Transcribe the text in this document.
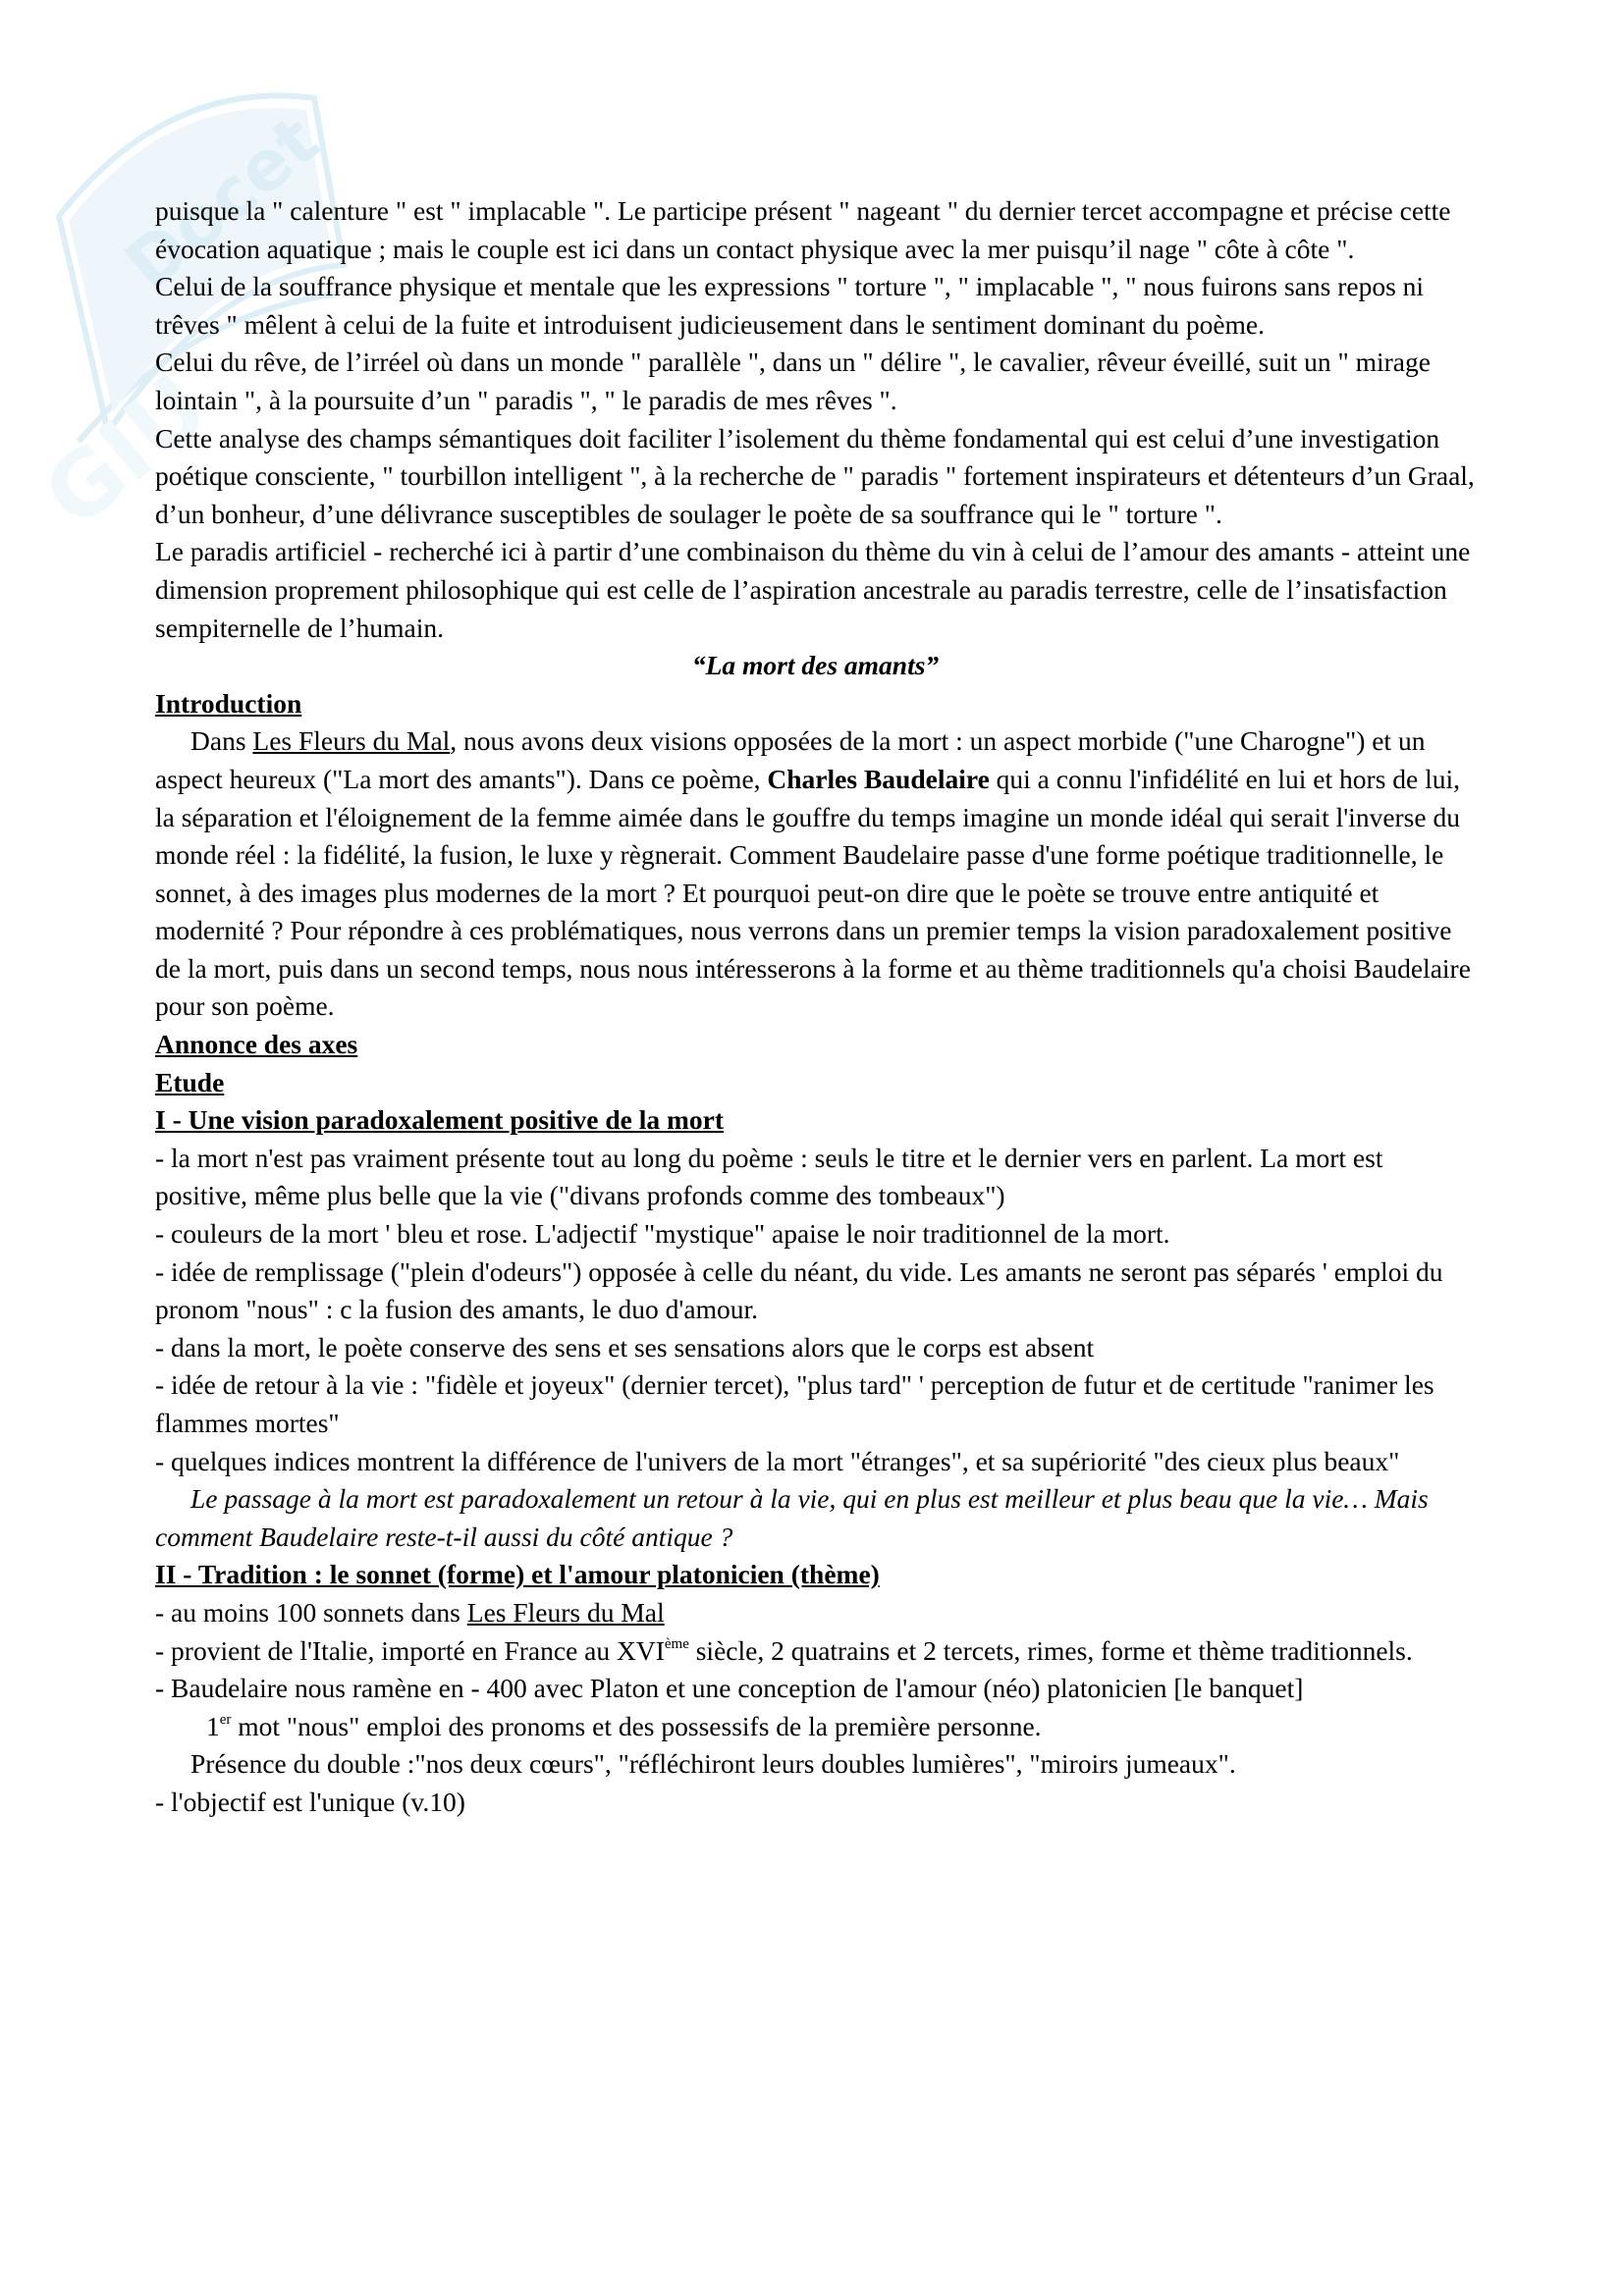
Docet
GIU

puisque la " calenture " est " implacable ". Le participe présent " nageant " du dernier tercet accompagne et précise cette évocation aquatique ; mais le couple est ici dans un contact physique avec la mer puisqu’il nage " côte à côte ".

Celui de la souffrance physique et mentale que les expressions " torture ", " implacable ", " nous fuirons sans repos ni trêves " mêlent à celui de la fuite et introduisent judicieusement dans le sentiment dominant du poème.

Celui du rêve, de l’irréel où dans un monde " parallèle ", dans un " délire ", le cavalier, rêveur éveillé, suit un " mirage lointain ", à la poursuite d’un " paradis ", " le paradis de mes rêves ".

Cette analyse des champs sémantiques doit faciliter l’isolement du thème fondamental qui est celui d’une investigation poétique consciente, " tourbillon intelligent ", à la recherche de " paradis " fortement inspirateurs et détenteurs d’un Graal, d’un bonheur, d’une délivrance susceptibles de soulager le poète de sa souffrance qui le " torture ".

Le paradis artificiel - recherché ici à partir d’une combinaison du thème du vin à celui de l’amour des amants - atteint une dimension proprement philosophique qui est celle de l’aspiration ancestrale au paradis terrestre, celle de l’insatisfaction sempiternelle de l’humain.

“La mort des amants”

Introduction

Dans Les Fleurs du Mal, nous avons deux visions opposées de la mort : un aspect morbide ("une Charogne") et un aspect heureux ("La mort des amants"). Dans ce poème, Charles Baudelaire qui a connu l'infidélité en lui et hors de lui, la séparation et l'éloignement de la femme aimée dans le gouffre du temps imagine un monde idéal qui serait l'inverse du monde réel : la fidélité, la fusion, le luxe y règnerait. Comment Baudelaire passe d'une forme poétique traditionnelle, le sonnet, à des images plus modernes de la mort ? Et pourquoi peut-on dire que le poète se trouve entre antiquité et modernité ? Pour répondre à ces problématiques, nous verrons dans un premier temps la vision paradoxalement positive de la mort, puis dans un second temps, nous nous intéresserons à la forme et au thème traditionnels qu'a choisi Baudelaire pour son poème.

Annonce des axes

Etude

I - Une vision paradoxalement positive de la mort

- la mort n'est pas vraiment présente tout au long du poème : seuls le titre et le dernier vers en parlent. La mort est positive, même plus belle que la vie ("divans profonds comme des tombeaux")

- couleurs de la mort ' bleu et rose. L'adjectif "mystique" apaise le noir traditionnel de la mort.

- idée de remplissage ("plein d'odeurs") opposée à celle du néant, du vide. Les amants ne seront pas séparés ' emploi du pronom "nous" : c la fusion des amants, le duo d'amour.

- dans la mort, le poète conserve des sens et ses sensations alors que le corps est absent

- idée de retour à la vie : "fidèle et joyeux" (dernier tercet), "plus tard" ' perception de futur et de certitude "ranimer les flammes mortes"

- quelques indices montrent la différence de l'univers de la mort "étranges", et sa supériorité "des cieux plus beaux"

Le passage à la mort est paradoxalement un retour à la vie, qui en plus est meilleur et plus beau que la vie… Mais comment Baudelaire reste-t-il aussi du côté antique ?

II - Tradition : le sonnet (forme) et l'amour platonicien (thème)

- au moins 100 sonnets dans Les Fleurs du Mal

- provient de l'Italie, importé en France au XVIème siècle, 2 quatrains et 2 tercets, rimes, forme et thème traditionnels.

- Baudelaire nous ramène en - 400 avec Platon et une conception de l'amour (néo) platonicien [le banquet]

1er mot "nous" emploi des pronoms et des possessifs de la première personne.

Présence du double :"nos deux cœurs", "réfléchiront leurs doubles lumières", "miroirs jumeaux".

- l'objectif est l'unique (v.10)
